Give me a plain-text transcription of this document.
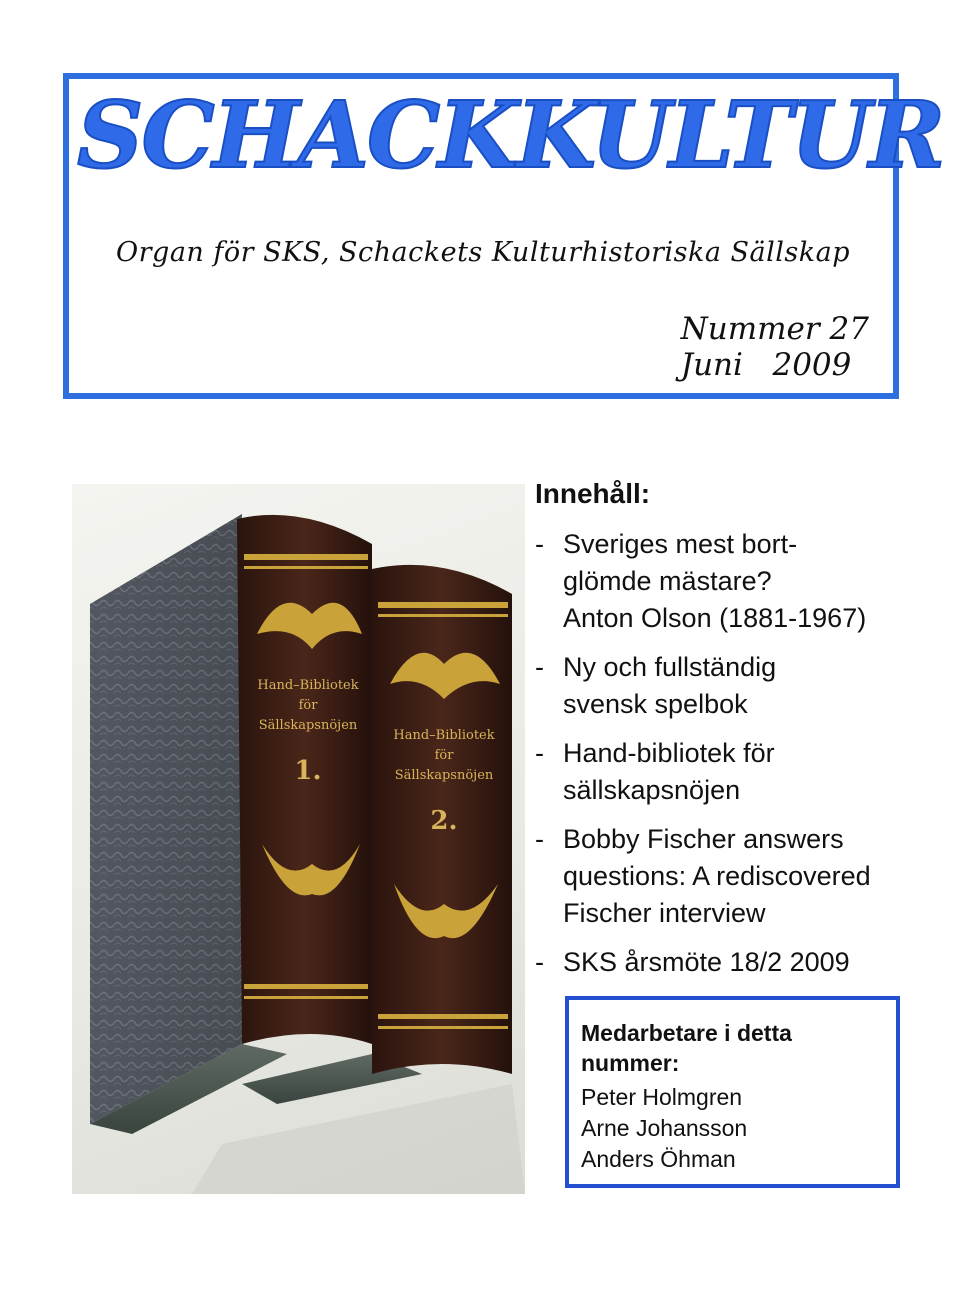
SCHACKKULTUR
Organ för SKS, Schackets Kulturhistoriska Sällskap
Nummer 27
Juni   2009
Hand–Bibliotek
för
Sällskapsnöjen
1.
Hand–Bibliotek
för
Sällskapsnöjen
2.
Innehåll:
- Sveriges mest bort-
glömde mästare?
Anton Olson (1881-1967)
- Ny och fullständig
svensk spelbok
- Hand-bibliotek för
sällskapsnöjen
- Bobby Fischer answers
questions: A rediscovered
Fischer interview
- SKS årsmöte 18/2 2009
Medarbetare i detta nummer:
Peter Holmgren
Arne Johansson
Anders Öhman
